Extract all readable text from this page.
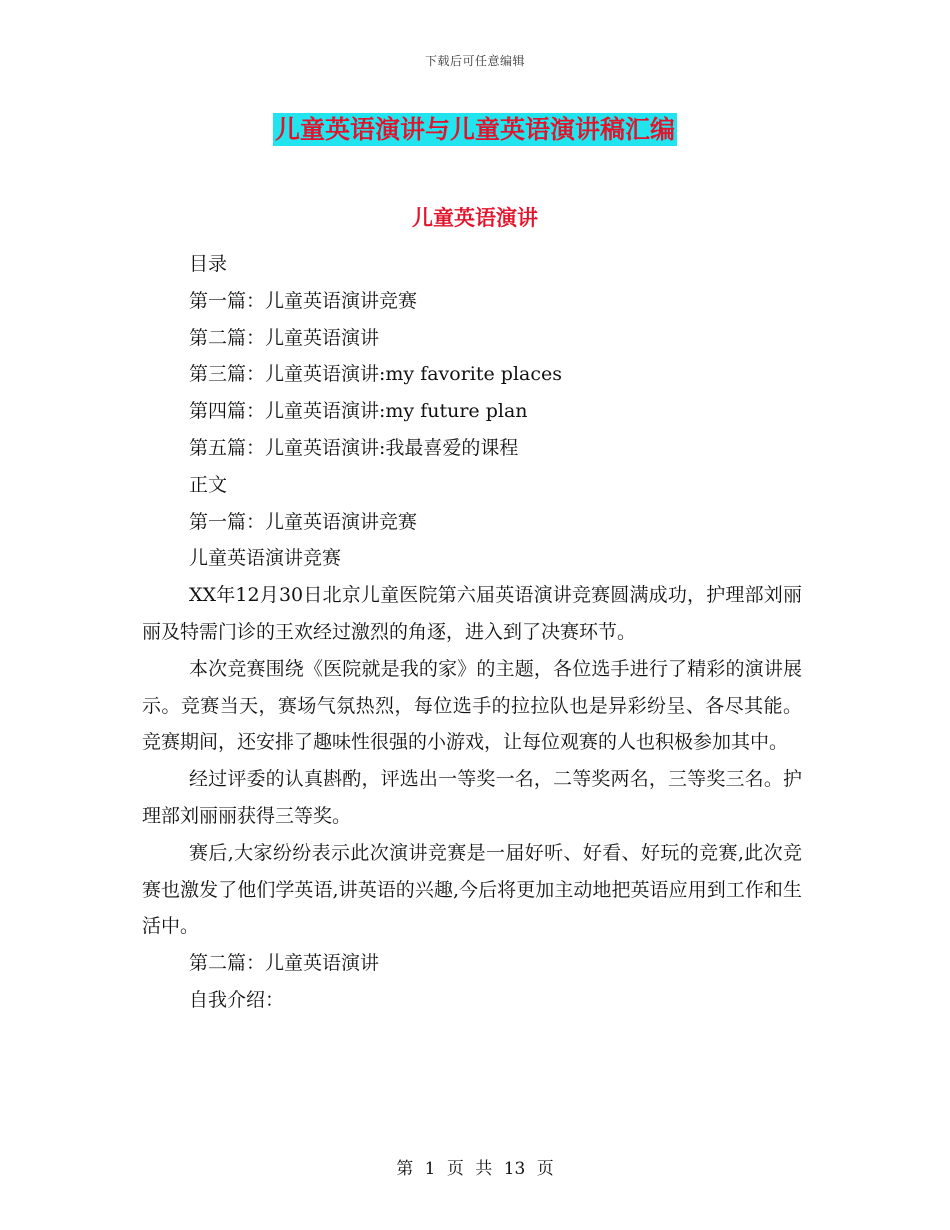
下载后可任意编辑
儿童英语演讲与儿童英语演讲稿汇编
儿童英语演讲
目录
第一篇：儿童英语演讲竞赛
第二篇：儿童英语演讲
第三篇：儿童英语演讲:my favorite places
第四篇：儿童英语演讲:my future plan
第五篇：儿童英语演讲:我最喜爱的课程
正文
第一篇：儿童英语演讲竞赛
儿童英语演讲竞赛
XX年12月30日北京儿童医院第六届英语演讲竞赛圆满成功，护理部刘丽丽及特需门诊的王欢经过激烈的角逐，进入到了决赛环节。
本次竞赛围绕《医院就是我的家》的主题，各位选手进行了精彩的演讲展示。竞赛当天，赛场气氛热烈，每位选手的拉拉队也是异彩纷呈、各尽其能。竞赛期间，还安排了趣味性很强的小游戏，让每位观赛的人也积极参加其中。
经过评委的认真斟酌，评选出一等奖一名，二等奖两名，三等奖三名。护理部刘丽丽获得三等奖。
赛后,大家纷纷表示此次演讲竞赛是一届好听、好看、好玩的竞赛,此次竞赛也激发了他们学英语,讲英语的兴趣,今后将更加主动地把英语应用到工作和生活中。
第二篇：儿童英语演讲
自我介绍：
第 1 页 共 13 页
